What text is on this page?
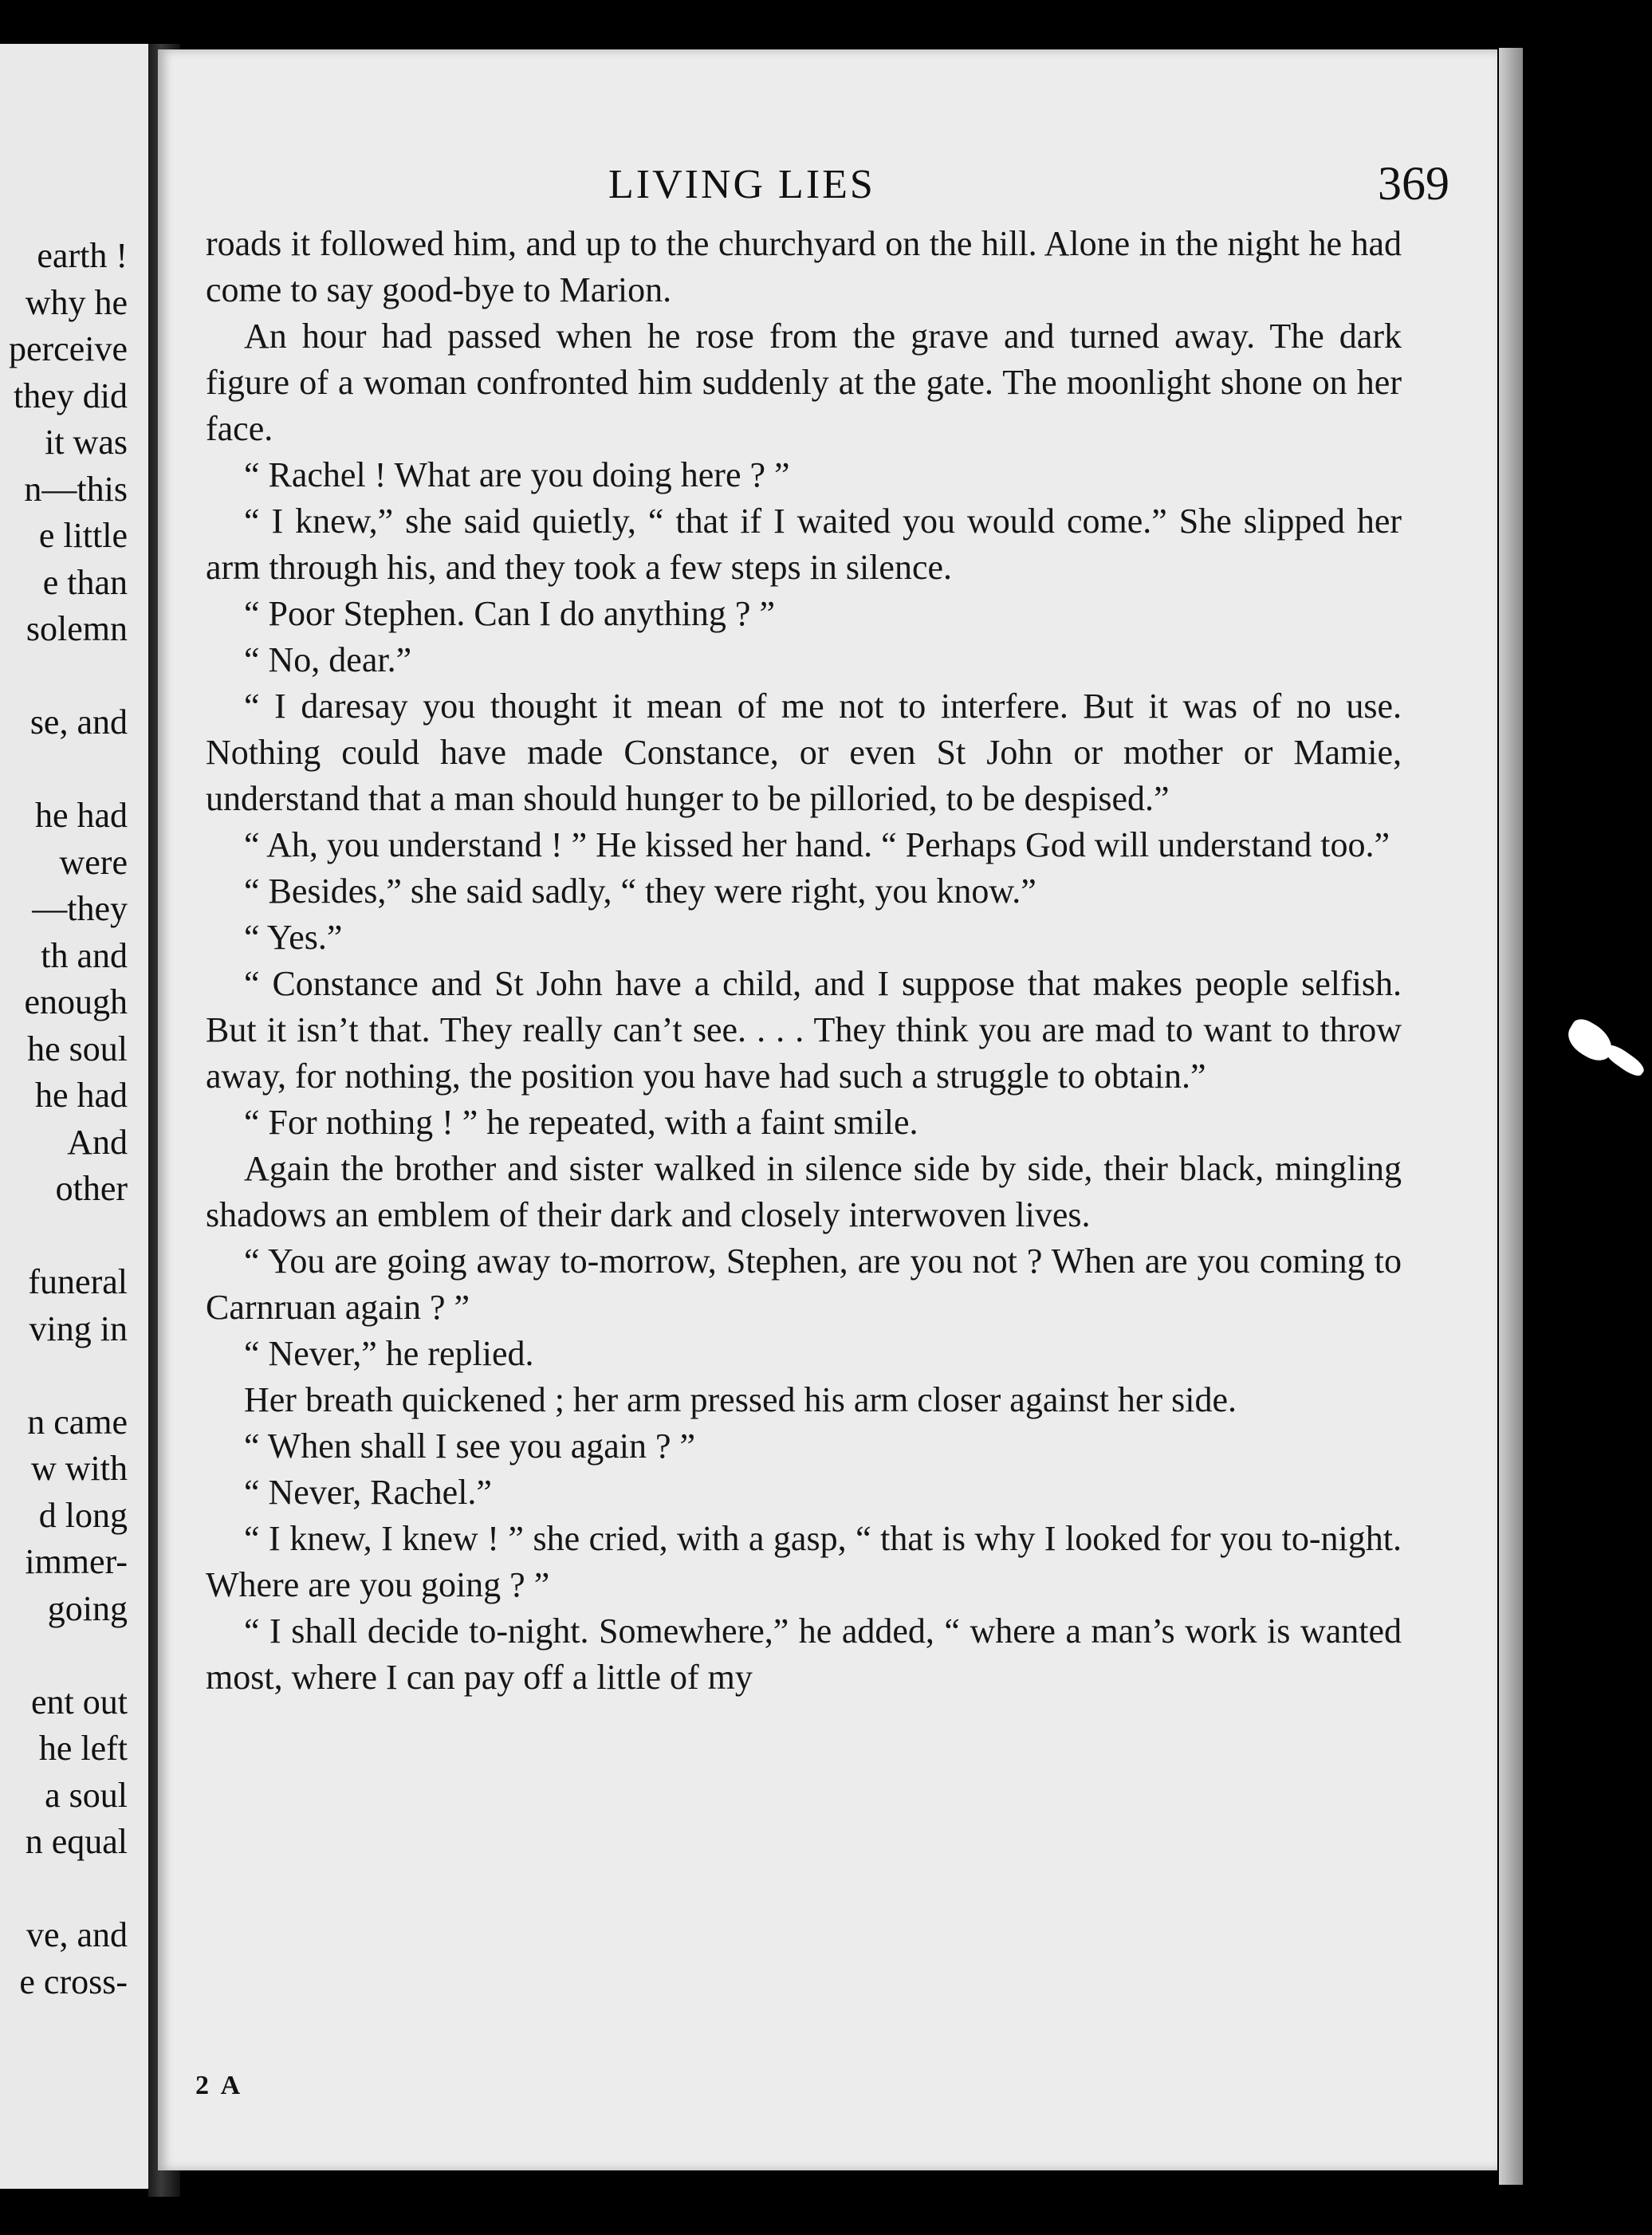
earth !
why he
perceive
they did
it was
n—this
e little
e than
solemn
se, and
he had
were
—they
th and
enough
he soul
he had
And
other
funeral
ving in
n came
w with
d long
immer-
going
ent out
he left
a soul
n equal
ve, and
e cross-
LIVING LIES	369

roads it followed him, and up to the churchyard on the hill. Alone in the night he had come to say good-bye to Marion.

An hour had passed when he rose from the grave and turned away. The dark figure of a woman confronted him suddenly at the gate. The moonlight shone on her face.

“ Rachel ! What are you doing here ? ”

“ I knew,” she said quietly, “ that if I waited you would come.” She slipped her arm through his, and they took a few steps in silence.

“ Poor Stephen. Can I do anything ? ”

“ No, dear.”

“ I daresay you thought it mean of me not to interfere. But it was of no use. Nothing could have made Constance, or even St John or mother or Mamie, understand that a man should hunger to be pilloried, to be despised.”

“ Ah, you understand ! ” He kissed her hand. “ Perhaps God will understand too.”

“ Besides,” she said sadly, “ they were right, you know.”

“ Yes.”

“ Constance and St John have a child, and I suppose that makes people selfish. But it isn’t that. They really can’t see. . . . They think you are mad to want to throw away, for nothing, the position you have had such a struggle to obtain.”

“ For nothing ! ” he repeated, with a faint smile.

Again the brother and sister walked in silence side by side, their black, mingling shadows an emblem of their dark and closely interwoven lives.

“ You are going away to-morrow, Stephen, are you not ? When are you coming to Carnruan again ? ”

“ Never,” he replied.

Her breath quickened ; her arm pressed his arm closer against her side.

“ When shall I see you again ? ”

“ Never, Rachel.”

“ I knew, I knew ! ” she cried, with a gasp, “ that is why I looked for you to-night. Where are you going ? ”

“ I shall decide to-night. Somewhere,” he added, “ where a man’s work is wanted most, where I can pay off a little of my

2 A
